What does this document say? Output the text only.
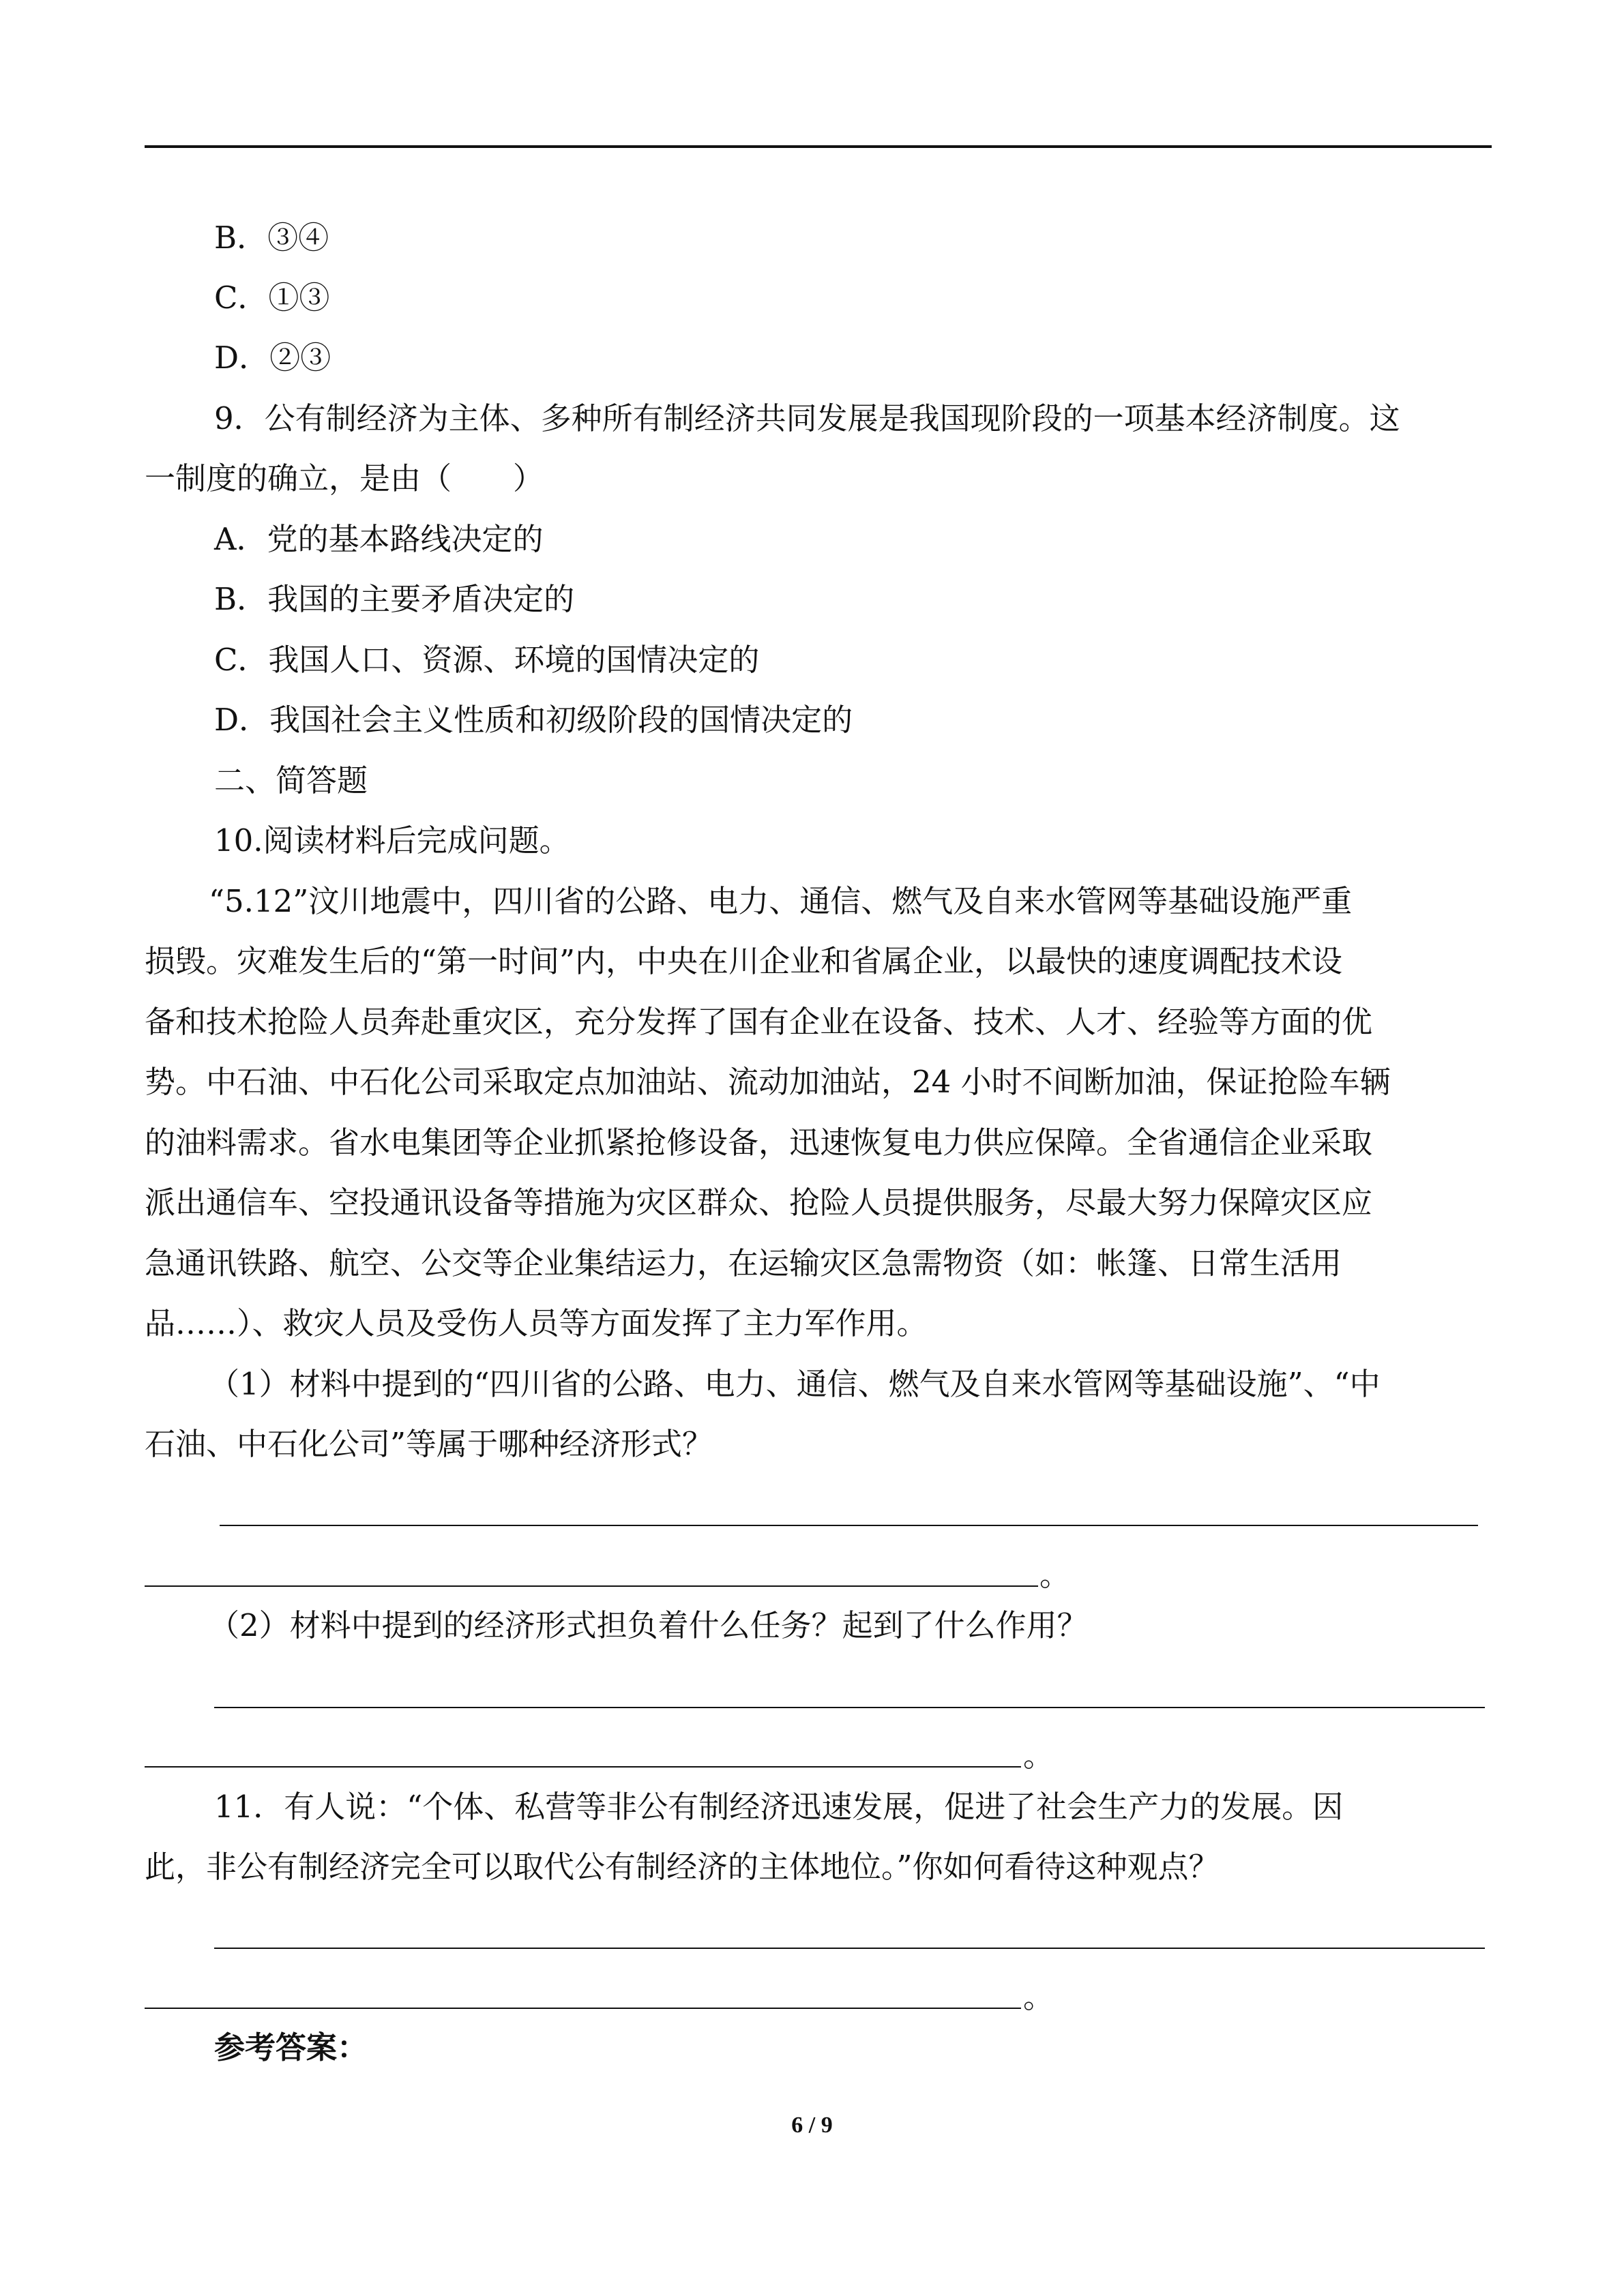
B．③④
C．①③
D．②③
9．公有制经济为主体、多种所有制经济共同发展是我国现阶段的一项基本经济制度。这
一制度的确立，是由（　　）
A．党的基本路线决定的
B．我国的主要矛盾决定的
C．我国人口、资源、环境的国情决定的
D．我国社会主义性质和初级阶段的国情决定的
二、简答题
10.阅读材料后完成问题。
“5.12”汶川地震中，四川省的公路、电力、通信、燃气及自来水管网等基础设施严重
损毁。灾难发生后的“第一时间”内，中央在川企业和省属企业，以最快的速度调配技术设
备和技术抢险人员奔赴重灾区，充分发挥了国有企业在设备、技术、人才、经验等方面的优
势。中石油、中石化公司采取定点加油站、流动加油站，24 小时不间断加油，保证抢险车辆
的油料需求。省水电集团等企业抓紧抢修设备，迅速恢复电力供应保障。全省通信企业采取
派出通信车、空投通讯设备等措施为灾区群众、抢险人员提供服务，尽最大努力保障灾区应
急通讯铁路、航空、公交等企业集结运力，在运输灾区急需物资（如：帐篷、日常生活用
品……）、救灾人员及受伤人员等方面发挥了主力军作用。
（1）材料中提到的“四川省的公路、电力、通信、燃气及自来水管网等基础设施”、“中
石油、中石化公司”等属于哪种经济形式？
。
（2）材料中提到的经济形式担负着什么任务？起到了什么作用？
。
11．有人说：“个体、私营等非公有制经济迅速发展，促进了社会生产力的发展。因
此，非公有制经济完全可以取代公有制经济的主体地位。”你如何看待这种观点？
。
参考答案：
6 / 9
